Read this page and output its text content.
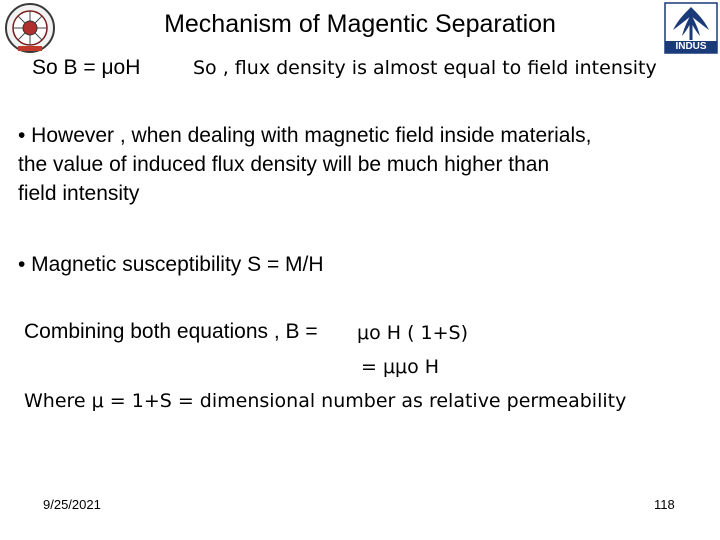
INDUS
Mechanism of Magentic Separation
So B = μoH	So , flux density is almost equal to field intensity
• However , when dealing with magnetic field inside materials,
the value of induced flux density will be much higher than
field intensity
• Magnetic susceptibility S = M/H
Combining both equations , B = μo H ( 1+S)
= μμo H
Where μ = 1+S = dimensional number as relative permeability
9/25/2021	118
